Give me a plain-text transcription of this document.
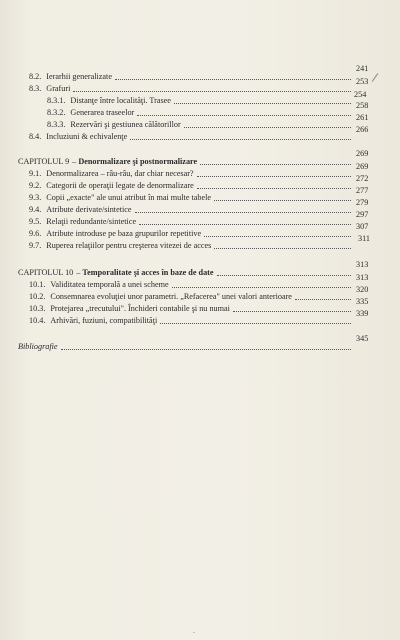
8.2. Ierarhii generalizate
241
8.3. Grafuri
253
8.3.1. Distanţe între localităţi. Trasee
254
8.3.2. Generarea traseelor
258
8.3.3. Rezervări şi gestiunea călătorillor
261
8.4. Incluziuni & echivalenţe
266
CAPITOLUL 9 – Denormalizare şi postnormalizare
269
9.1. Denormalizarea – râu-râu, dar chiar necesar?
269
9.2. Categorii de operaţii legate de denormalizare
272
9.3. Copii „exacte" ale unui atribut în mai multe tabele
277
9.4. Atribute derivate/sintetice
279
9.5. Relaţii redundante/sintetice
297
9.6. Atribute introduse pe baza grupurilor repetitive
307
9.7. Ruperea relaţiilor pentru creşterea vitezei de acces
311
CAPITOLUL 10 – Temporalitate şi acces în baze de date
313
10.1. Validitatea temporală a unei scheme
313
10.2. Consemnarea evoluţiei unor parametri. „Refacerea" unei valori anterioare
320
10.3. Protejarea „trecutului". Închideri contabile şi nu numai
335
10.4. Arhivări, fuziuni, compatibilităţi
339
Bibliografie
345
-
